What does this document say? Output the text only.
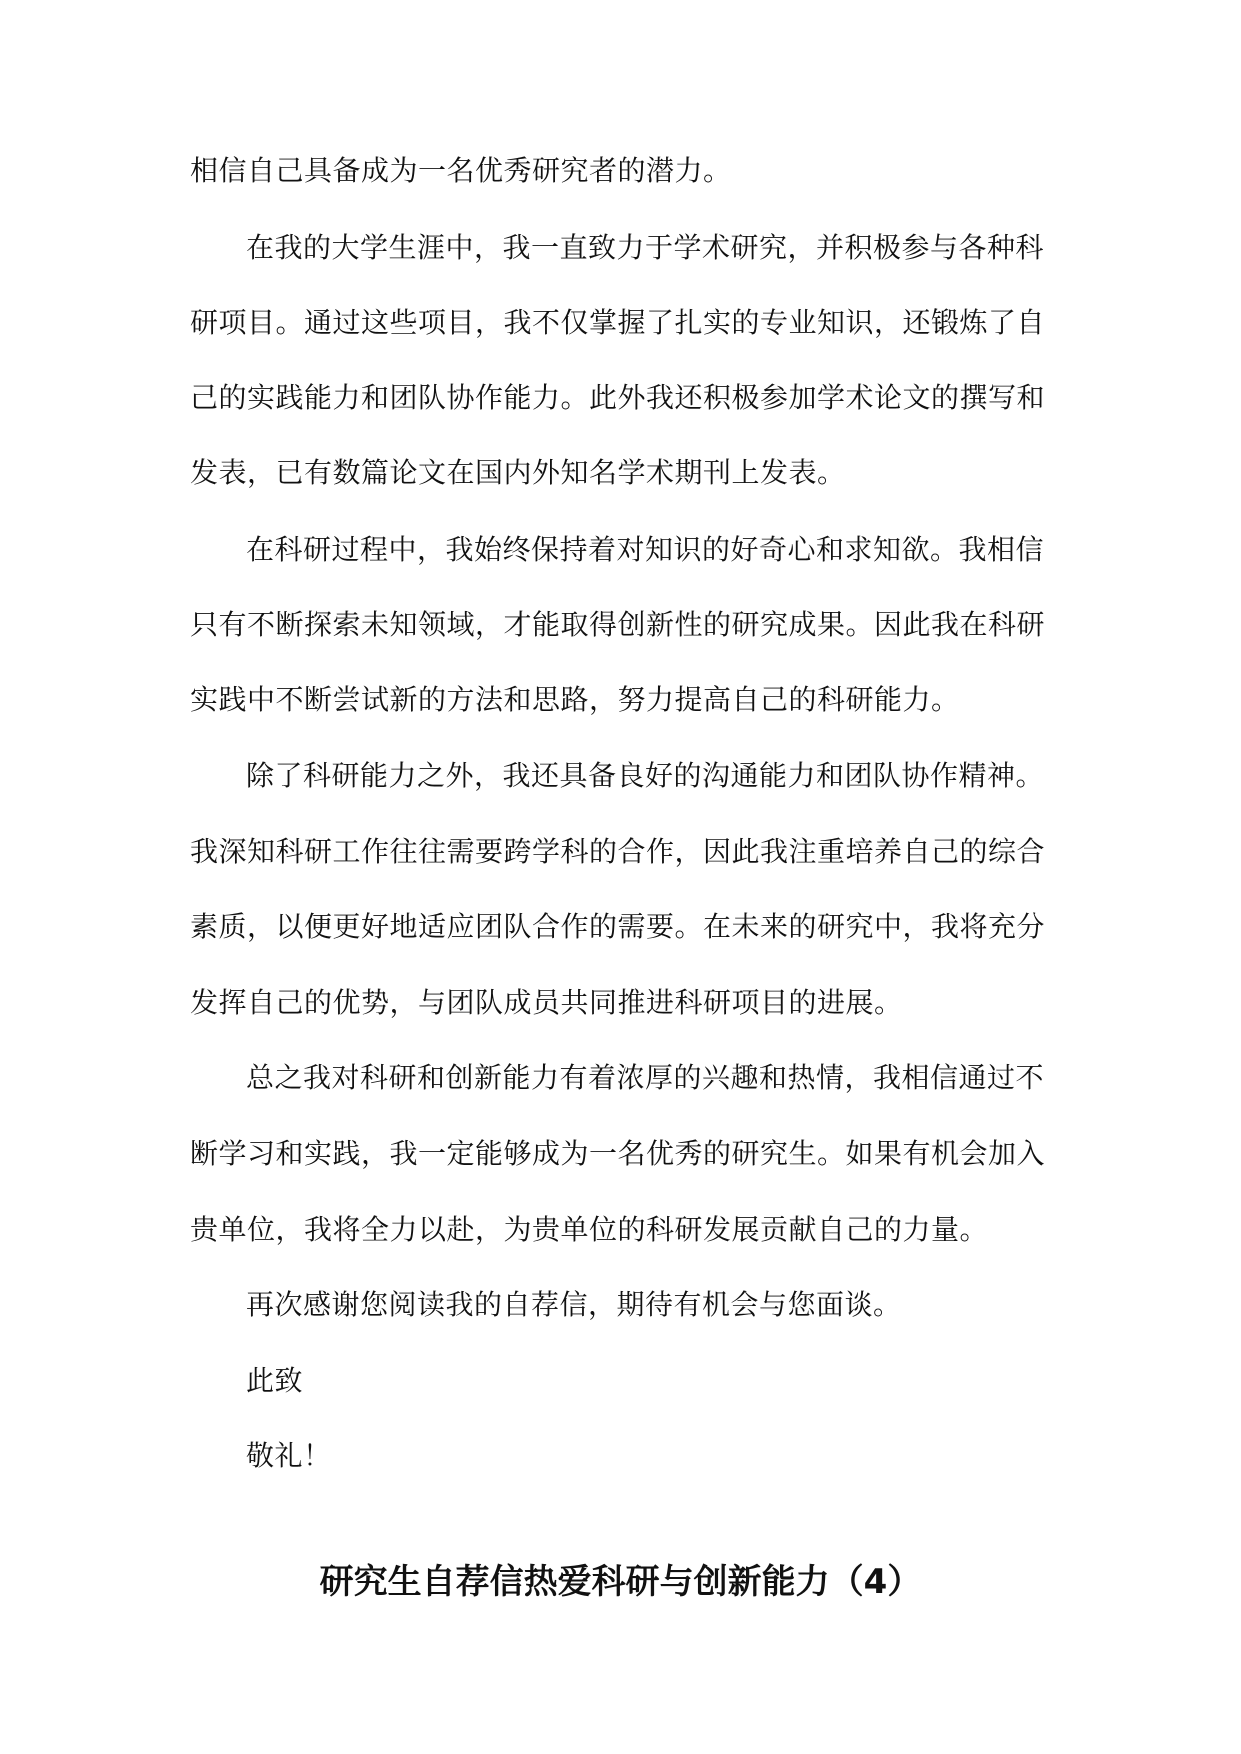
相信自己具备成为一名优秀研究者的潜力。
在我的大学生涯中，我一直致力于学术研究，并积极参与各种科
研项目。通过这些项目，我不仅掌握了扎实的专业知识，还锻炼了自
己的实践能力和团队协作能力。此外我还积极参加学术论文的撰写和
发表，已有数篇论文在国内外知名学术期刊上发表。
在科研过程中，我始终保持着对知识的好奇心和求知欲。我相信
只有不断探索未知领域，才能取得创新性的研究成果。因此我在科研
实践中不断尝试新的方法和思路，努力提高自己的科研能力。
除了科研能力之外，我还具备良好的沟通能力和团队协作精神。
我深知科研工作往往需要跨学科的合作，因此我注重培养自己的综合
素质，以便更好地适应团队合作的需要。在未来的研究中，我将充分
发挥自己的优势，与团队成员共同推进科研项目的进展。
总之我对科研和创新能力有着浓厚的兴趣和热情，我相信通过不
断学习和实践，我一定能够成为一名优秀的研究生。如果有机会加入
贵单位，我将全力以赴，为贵单位的科研发展贡献自己的力量。
再次感谢您阅读我的自荐信，期待有机会与您面谈。
此致
敬礼！
研究生自荐信热爱科研与创新能力（4）
